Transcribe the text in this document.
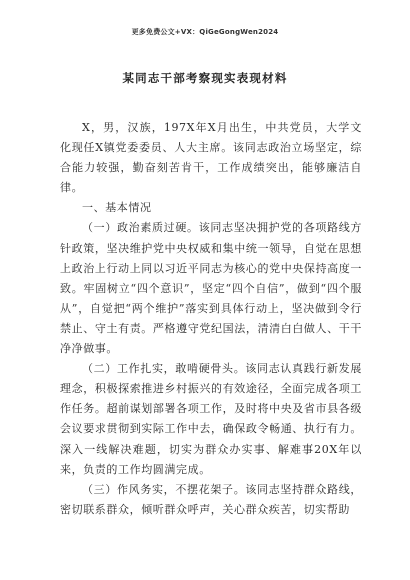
更多免费公文+VX：QiGeGongWen2024
某同志干部考察现实表现材料

X，男，汉族，197X年X月出生，中共党员，大学文化现任X镇党委委员、人大主席。该同志政治立场坚定，综合能力较强，勤奋刻苦肯干，工作成绩突出，能够廉洁自律。

一、基本情况

（一）政治素质过硬。该同志坚决拥护党的各项路线方针政策，坚决维护党中央权威和集中统一领导，自觉在思想上政治上行动上同以习近平同志为核心的党中央保持高度一致。牢固树立“四个意识”，坚定“四个自信”，做到“四个服从”，自觉把“两个维护”落实到具体行动上，坚决做到令行禁止、守土有责。严格遵守党纪国法，清清白白做人、干干净净做事。

（二）工作扎实，敢啃硬骨头。该同志认真践行新发展理念，积极探索推进乡村振兴的有效途径，全面完成各项工作任务。超前谋划部署各项工作，及时将中央及省市县各级会议要求贯彻到实际工作中去，确保政令畅通、执行有力。深入一线解决难题，切实为群众办实事、解难事20X年以来，负责的工作均圆满完成。

（三）作风务实，不摆花架子。该同志坚持群众路线，密切联系群众，倾听群众呼声，关心群众疾苦，切实帮助
